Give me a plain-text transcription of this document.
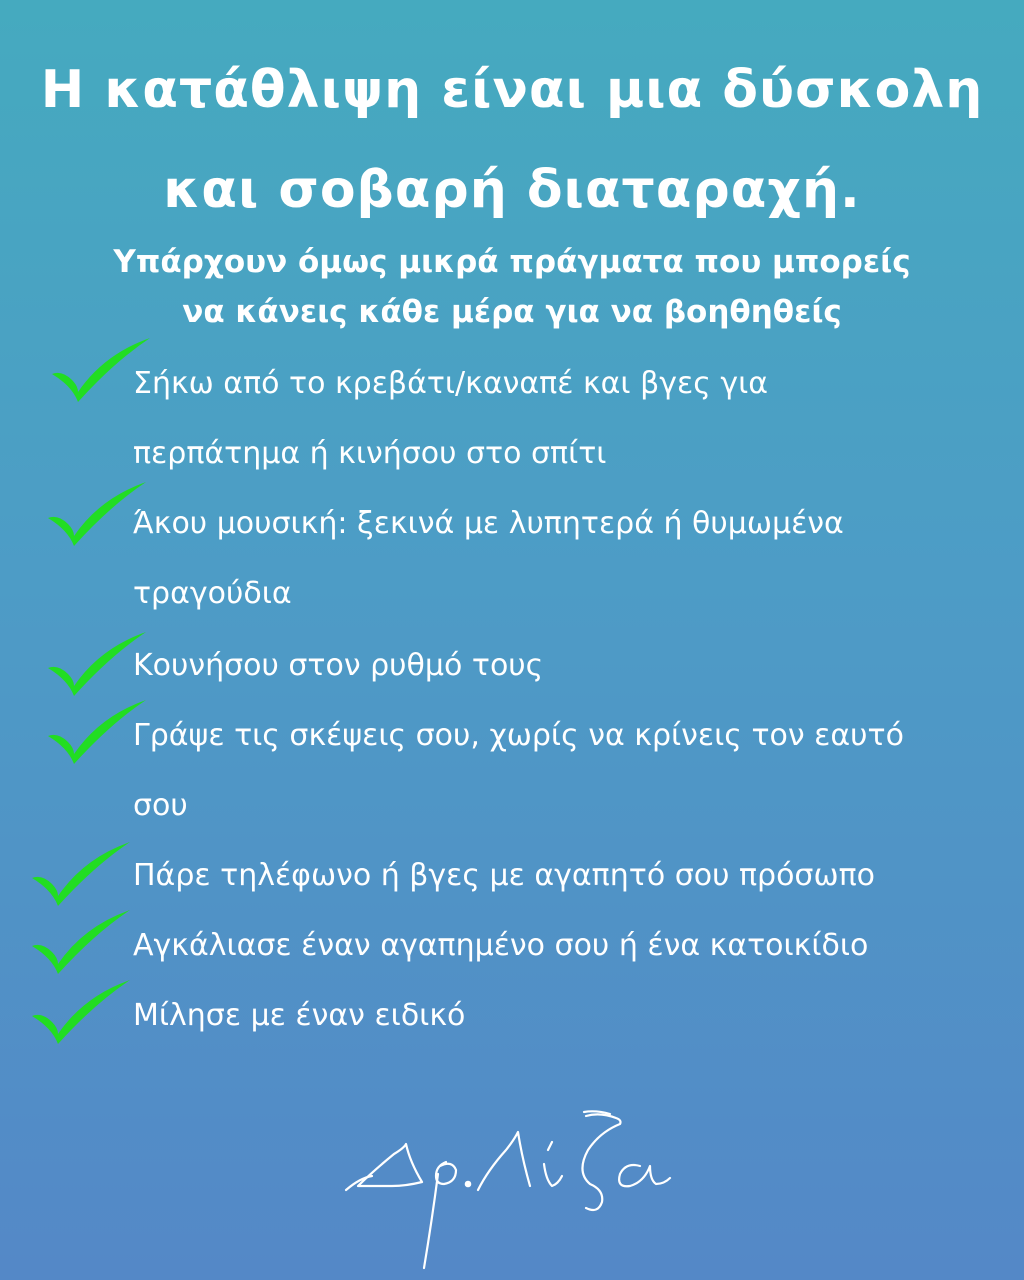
Η κατάθλιψη είναι μια δύσκολη
και σοβαρή διαταραχή.

Υπάρχουν όμως μικρά πράγματα που μπορείς

να κάνεις κάθε μέρα για να βοηθηθείς

Σήκω από το κρεβάτι/καναπέ και βγες για

περπάτημα ή κινήσου στο σπίτι

Άκου μουσική: ξεκινά με λυπητερά ή θυμωμένα

τραγούδια

Κουνήσου στον ρυθμό τους

Γράψε τις σκέψεις σου, χωρίς να κρίνεις τον εαυτό

σου

Πάρε τηλέφωνο ή βγες με αγαπητό σου πρόσωπο

Αγκάλιασε έναν αγαπημένο σου ή ένα κατοικίδιο

Μίλησε με έναν ειδικό
